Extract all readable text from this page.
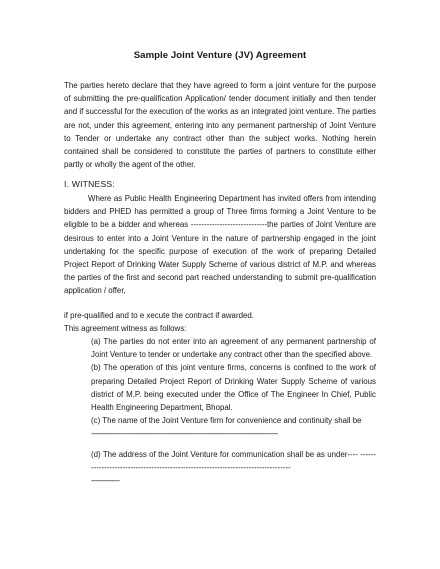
Sample Joint Venture (JV) Agreement
The parties hereto declare that they have agreed to form a joint venture for the purpose of submitting the pre-qualification Application/ tender document initially and then tender and if successful for the execution of the works as an integrated joint venture. The parties are not, under this agreement, entering into any permanent partnership of Joint Venture to Tender or undertake any contract other than the subject works. Nothing herein contained shall be considered to constitute the parties of partners to constitute either partly or wholly the agent of the other.
I. WITNESS:
Where as Public Health Engineering Department has invited offers from intending bidders and PHED has permitted a group of Three firms forming a Joint Venture to be eligible to be a bidder and whereas -----------------------------the parties of Joint Venture are desirous to enter into a Joint Venture in the nature of partnership engaged in the joint undertaking for the specific purpose of execution of the work of preparing Detailed Project Report of Drinking Water Supply Scheme of various district of M.P. and whereas the parties of the first and second part reached understanding to submit pre-qualification application / offer,
if pre-qualified and to e xecute the contract if awarded.
This agreement witness as follows:

(a) The parties do not enter into an agreement of any permanent partnership of Joint Venture to tender or undertake any contract other than the specified above.

(b) The operation of this joint venture firms, concerns is confined to the work of preparing Detailed Project Report of Drinking Water Supply Scheme of various district of M.P. being executed under the Office of The Engineer In Chief, Public Health Engineering Department, Bhopal.

(c) The name of the Joint Venture firm for convenience and continuity shall be

--------------------------------------------------------------------------------------------

(d) The address of the Joint Venture for communication shall be as under---- ----------------------------------------------------------------------------------

--------------
